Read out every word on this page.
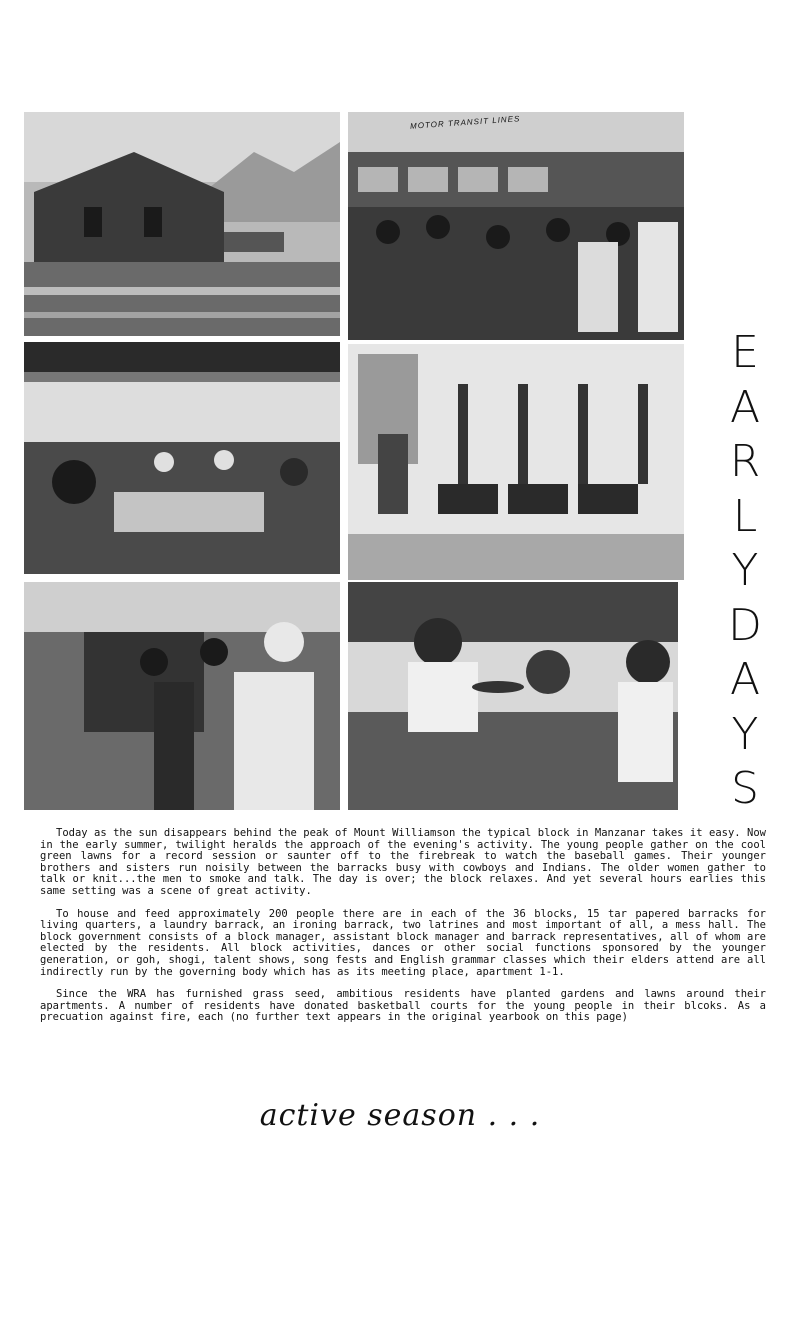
MOTOR TRANSIT LINES
E
A
R
L
Y
D
A
Y
S

Today as the sun disappears behind the peak of Mount Williamson the typical block in Manzanar takes it easy. Now in the early summer, twilight heralds the approach of the evening's activity. The young people gather on the cool green lawns for a record session or saunter off to the firebreak to watch the baseball games. Their younger brothers and sisters run noisily between the barracks busy with cowboys and Indians. The older women gather to talk or knit...the men to smoke and talk. The day is over; the block relaxes. And yet several hours earlies this same setting was a scene of great activity.

To house and feed approximately 200 people there are in each of the 36 blocks, 15 tar papered barracks for living quarters, a laundry barrack, an ironing barrack, two latrines and most important of all, a mess hall. The block government consists of a block manager, assistant block manager and barrack representatives, all of whom are elected by the residents. All block activities, dances or other social functions sponsored by the younger generation, or goh, shogi, talent shows, song fests and English grammar classes which their elders attend are all indirectly run by the governing body which has as its meeting place, apartment 1-1.

Since the WRA has furnished grass seed, ambitious residents have planted gardens and lawns around their apartments. A number of residents have donated basketball courts for the young people in their blcoks. As a precuation against fire, each (no further text appears in the original yearbook on this page)

active season . . .
